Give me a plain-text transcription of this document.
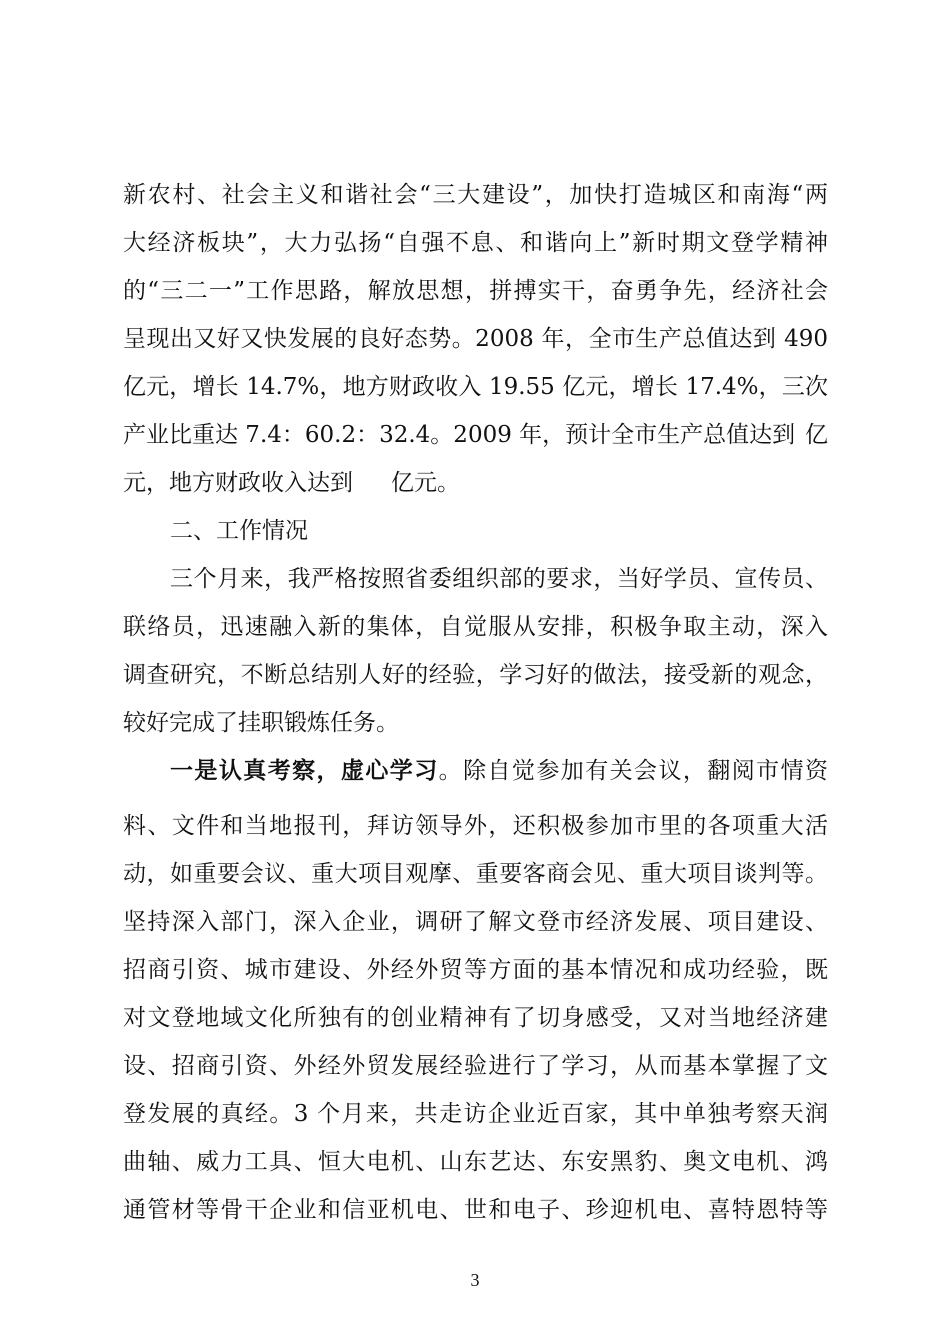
新农村、社会主义和谐社会“三大建设”，加快打造城区和南海“两
大经济板块”，大力弘扬“自强不息、和谐向上”新时期文登学精神
的“三二一”工作思路，解放思想，拼搏实干，奋勇争先，经济社会
呈现出又好又快发展的良好态势。2008 年，全市生产总值达到 490
亿元，增长 14.7%，地方财政收入 19.55 亿元，增长 17.4%，三次
产业比重达 7.4：60.2：32.4。2009 年，预计全市生产总值达到 亿
元，地方财政收入达到 亿元。
二、工作情况
三个月来，我严格按照省委组织部的要求，当好学员、宣传员、
联络员，迅速融入新的集体，自觉服从安排，积极争取主动，深入
调查研究，不断总结别人好的经验，学习好的做法，接受新的观念，
较好完成了挂职锻炼任务。
一是认真考察，虚心学习。除自觉参加有关会议，翻阅市情资
料、文件和当地报刊，拜访领导外，还积极参加市里的各项重大活
动，如重要会议、重大项目观摩、重要客商会见、重大项目谈判等。
坚持深入部门，深入企业，调研了解文登市经济发展、项目建设、
招商引资、城市建设、外经外贸等方面的基本情况和成功经验，既
对文登地域文化所独有的创业精神有了切身感受，又对当地经济建
设、招商引资、外经外贸发展经验进行了学习，从而基本掌握了文
登发展的真经。3 个月来，共走访企业近百家，其中单独考察天润
曲轴、威力工具、恒大电机、山东艺达、东安黑豹、奥文电机、鸿
通管材等骨干企业和信亚机电、世和电子、珍迎机电、喜特恩特等
3
